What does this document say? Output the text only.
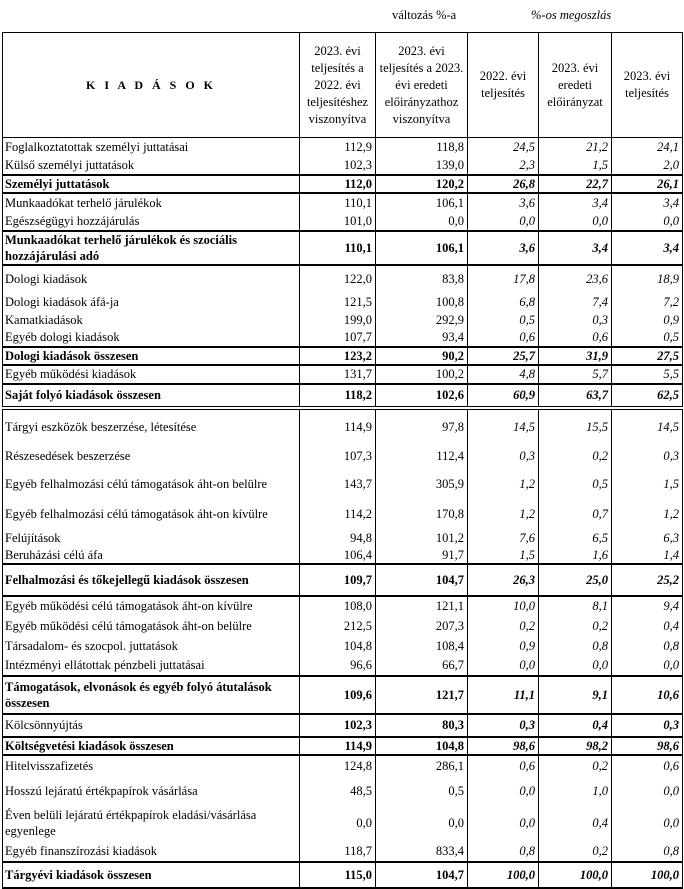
változás %-a	%-os megoszlás
K I A D Á S O K	2023. évi teljesítés a 2022. évi teljesítéshez viszonyítva	2023. évi teljesítés a 2023. évi eredeti előirányzathoz viszonyítva	2022. évi teljesítés	2023. évi eredeti előirányzat	2023. évi teljesítés
Foglalkoztatottak személyi juttatásai	112,9	118,8	24,5	21,2	24,1
Külső személyi juttatások	102,3	139,0	2,3	1,5	2,0
Személyi juttatások	112,0	120,2	26,8	22,7	26,1
Munkaadókat terhelő járulékok	110,1	106,1	3,6	3,4	3,4
Egészségügyi hozzájárulás	101,0	0,0	0,0	0,0	0,0
Munkaadókat terhelő járulékok és szociális hozzájárulási adó	110,1	106,1	3,6	3,4	3,4
Dologi kiadások	122,0	83,8	17,8	23,6	18,9
Dologi kiadások áfá-ja	121,5	100,8	6,8	7,4	7,2
Kamatkiadások	199,0	292,9	0,5	0,3	0,9
Egyéb dologi kiadások	107,7	93,4	0,6	0,6	0,5
Dologi kiadások összesen	123,2	90,2	25,7	31,9	27,5
Egyéb működési kiadások	131,7	100,2	4,8	5,7	5,5
Saját folyó kiadások összesen	118,2	102,6	60,9	63,7	62,5
Tárgyi eszközök beszerzése, létesítése	114,9	97,8	14,5	15,5	14,5
Részesedések beszerzése	107,3	112,4	0,3	0,2	0,3
Egyéb felhalmozási célú támogatások áht-on belülre	143,7	305,9	1,2	0,5	1,5
Egyéb felhalmozási célú támogatások áht-on kívülre	114,2	170,8	1,2	0,7	1,2
Felújítások	94,8	101,2	7,6	6,5	6,3
Beruházási célú áfa	106,4	91,7	1,5	1,6	1,4
Felhalmozási és tőkejellegű kiadások összesen	109,7	104,7	26,3	25,0	25,2
Egyéb működési célú támogatások áht-on kívülre	108,0	121,1	10,0	8,1	9,4
Egyéb működési célú támogatások áht-on belülre	212,5	207,3	0,2	0,2	0,4
Társadalom- és szocpol. juttatások	104,8	108,4	0,9	0,8	0,8
Intézményi ellátottak pénzbeli juttatásai	96,6	66,7	0,0	0,0	0,0
Támogatások, elvonások és egyéb folyó átutalások összesen	109,6	121,7	11,1	9,1	10,6
Kölcsönnyújtás	102,3	80,3	0,3	0,4	0,3
Költségvetési kiadások összesen	114,9	104,8	98,6	98,2	98,6
Hitelvisszafizetés	124,8	286,1	0,6	0,2	0,6
Hosszú lejáratú értékpapírok vásárlása	48,5	0,5	0,0	1,0	0,0
Éven belüli lejáratú értékpapírok eladási/vásárlása egyenlege	0,0	0,0	0,0	0,4	0,0
Egyéb finanszírozási kiadások	118,7	833,4	0,8	0,2	0,8
Tárgyévi kiadások összesen	115,0	104,7	100,0	100,0	100,0
